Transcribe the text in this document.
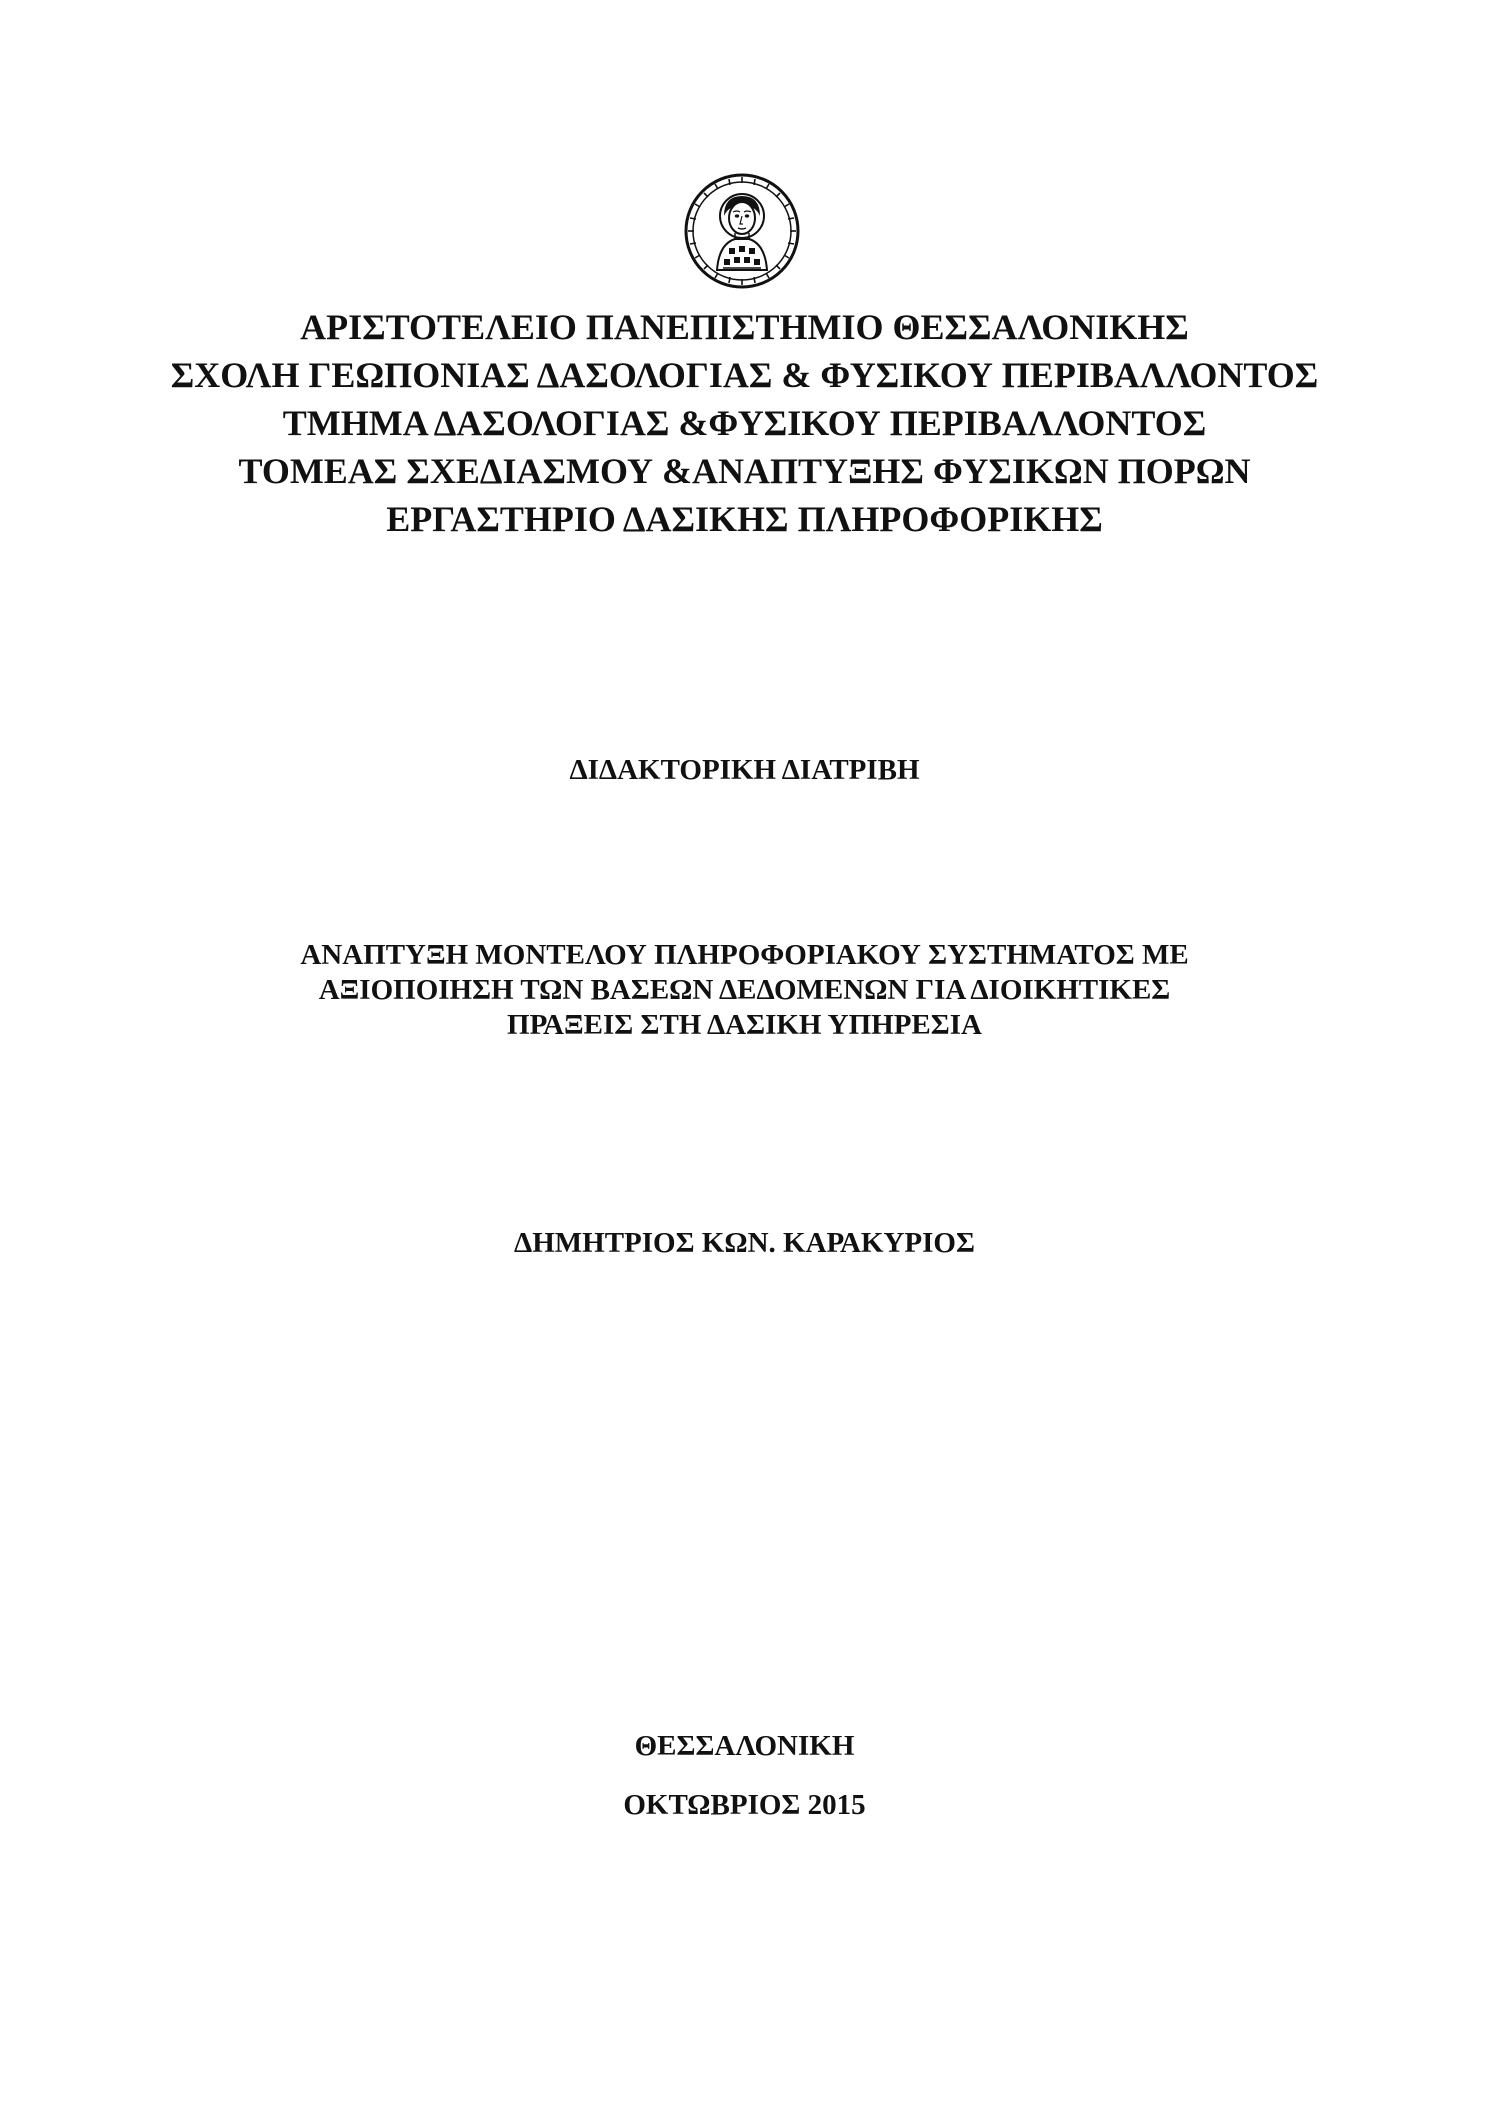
ΑΡΙΣΤΟΤΕΛΕΙΟ ΠΑΝΕΠΙΣΤΗΜΙΟ ΘΕΣΣΑΛΟΝΙΚΗΣ
ΣΧΟΛΗ ΓΕΩΠΟΝΙΑΣ ΔΑΣΟΛΟΓΙΑΣ & ΦΥΣΙΚΟΥ ΠΕΡΙΒΑΛΛΟΝΤΟΣ
ΤΜΗΜΑ ΔΑΣΟΛΟΓΙΑΣ &ΦΥΣΙΚΟΥ ΠΕΡΙΒΑΛΛΟΝΤΟΣ
ΤΟΜΕΑΣ ΣΧΕΔΙΑΣΜΟΥ &ΑΝΑΠΤΥΞΗΣ ΦΥΣΙΚΩΝ ΠΟΡΩΝ
ΕΡΓΑΣΤΗΡΙΟ ΔΑΣΙΚΗΣ ΠΛΗΡΟΦΟΡΙΚΗΣ
ΔΙΔΑΚΤΟΡΙΚΗ ΔΙΑΤΡΙΒΗ
ΑΝΑΠΤΥΞΗ ΜΟΝΤΕΛΟΥ ΠΛΗΡΟΦΟΡΙΑΚΟΥ ΣΥΣΤΗΜΑΤΟΣ ΜΕ
ΑΞΙΟΠΟΙΗΣΗ ΤΩΝ ΒΑΣΕΩΝ ΔΕΔΟΜΕΝΩΝ ΓΙΑ ΔΙΟΙΚΗΤΙΚΕΣ
ΠΡΑΞΕΙΣ ΣΤΗ ΔΑΣΙΚΗ ΥΠΗΡΕΣΙΑ
ΔΗΜΗΤΡΙΟΣ ΚΩΝ. ΚΑΡΑΚΥΡΙΟΣ
ΘΕΣΣΑΛΟΝΙΚΗ
ΟΚΤΩΒΡΙΟΣ 2015
